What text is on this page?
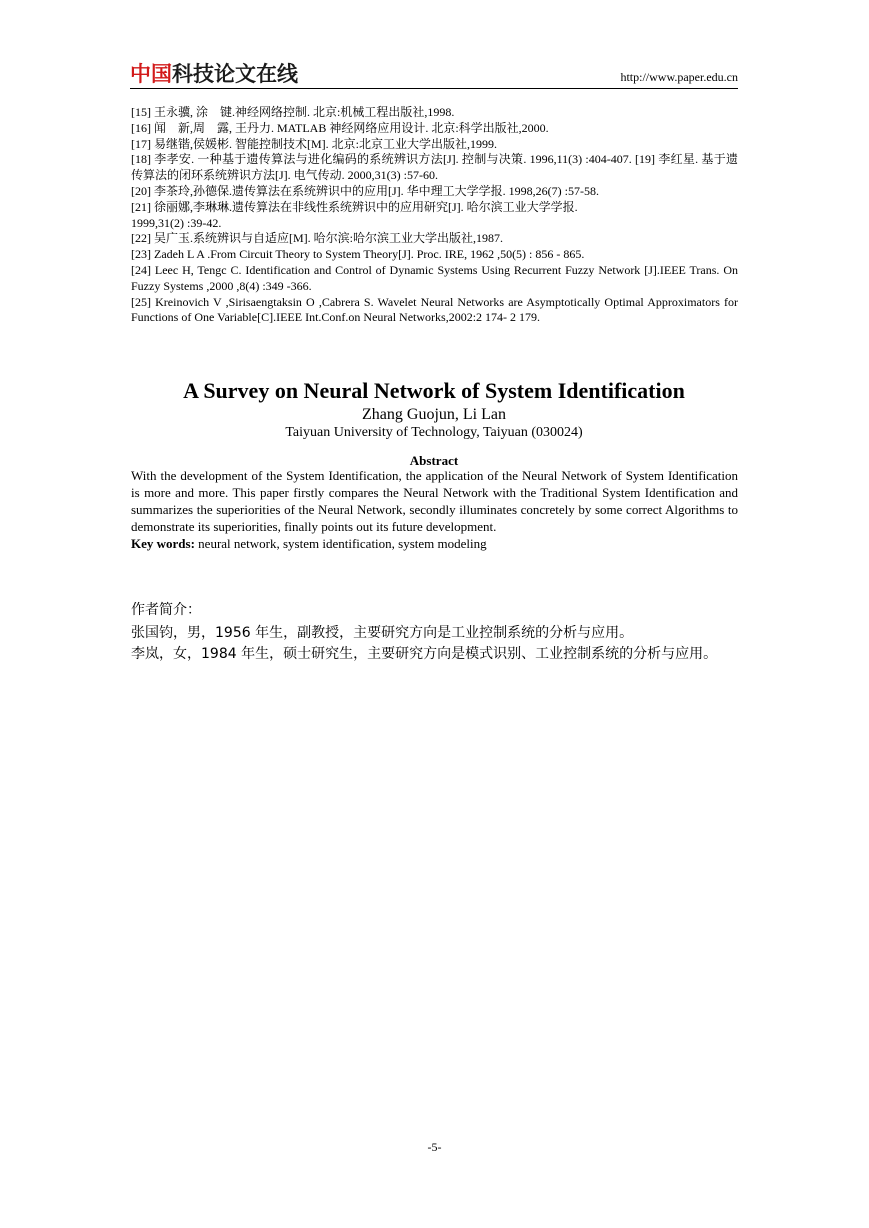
中国科技论文在线	http://www.paper.edu.cn

[15] 王永骥, 涂　键.神经网络控制. 北京:机械工程出版社,1998.

[16] 闻　新,周　露, 王丹力. MATLAB 神经网络应用设计. 北京:科学出版社,2000.

[17] 易继锴,侯媛彬. 智能控制技术[M]. 北京:北京工业大学出版社,1999.

[18] 李孝安. 一种基于遗传算法与进化编码的系统辨识方法[J]. 控制与决策. 1996,11(3) :404-407. [19] 李红星. 基于遗传算法的闭环系统辨识方法[J]. 电气传动. 2000,31(3) :57-60.

[20] 李茶玲,孙德保.遗传算法在系统辨识中的应用[J]. 华中理工大学学报. 1998,26(7) :57-58.

[21] 徐丽娜,李琳琳.遗传算法在非线性系统辨识中的应用研究[J]. 哈尔滨工业大学学报.

1999,31(2) :39-42.

[22] 吴广玉.系统辨识与自适应[M]. 哈尔滨:哈尔滨工业大学出版社,1987.

[23] Zadeh L A .From Circuit Theory to System Theory[J]. Proc. IRE, 1962 ,50(5) : 856 - 865.

[24] Leec H, Tengc C. Identification and Control of Dynamic Systems Using Recurrent Fuzzy Network [J].IEEE Trans. On Fuzzy Systems ,2000 ,8(4) :349 -366.

[25] Kreinovich V ,Sirisaengtaksin O ,Cabrera S. Wavelet Neural Networks are Asymptotically Optimal Approximators for Functions of One Variable[C].IEEE Int.Conf.on Neural Networks,2002:2 174- 2 179.

A Survey on Neural Network of System Identification

Zhang Guojun, Li Lan

Taiyuan University of Technology, Taiyuan (030024)

Abstract

With the development of the System Identification, the application of the Neural Network of System Identification is more and more. This paper firstly compares the Neural Network with the Traditional System Identification and summarizes the superiorities of the Neural Network, secondly illuminates concretely by some correct Algorithms to demonstrate its superiorities, finally points out its future development.

Key words: neural network, system identification, system modeling

作者简介：

张国钧，男，1956 年生，副教授，主要研究方向是工业控制系统的分析与应用。

李岚，女，1984 年生，硕士研究生，主要研究方向是模式识别、工业控制系统的分析与应用。

-5-
